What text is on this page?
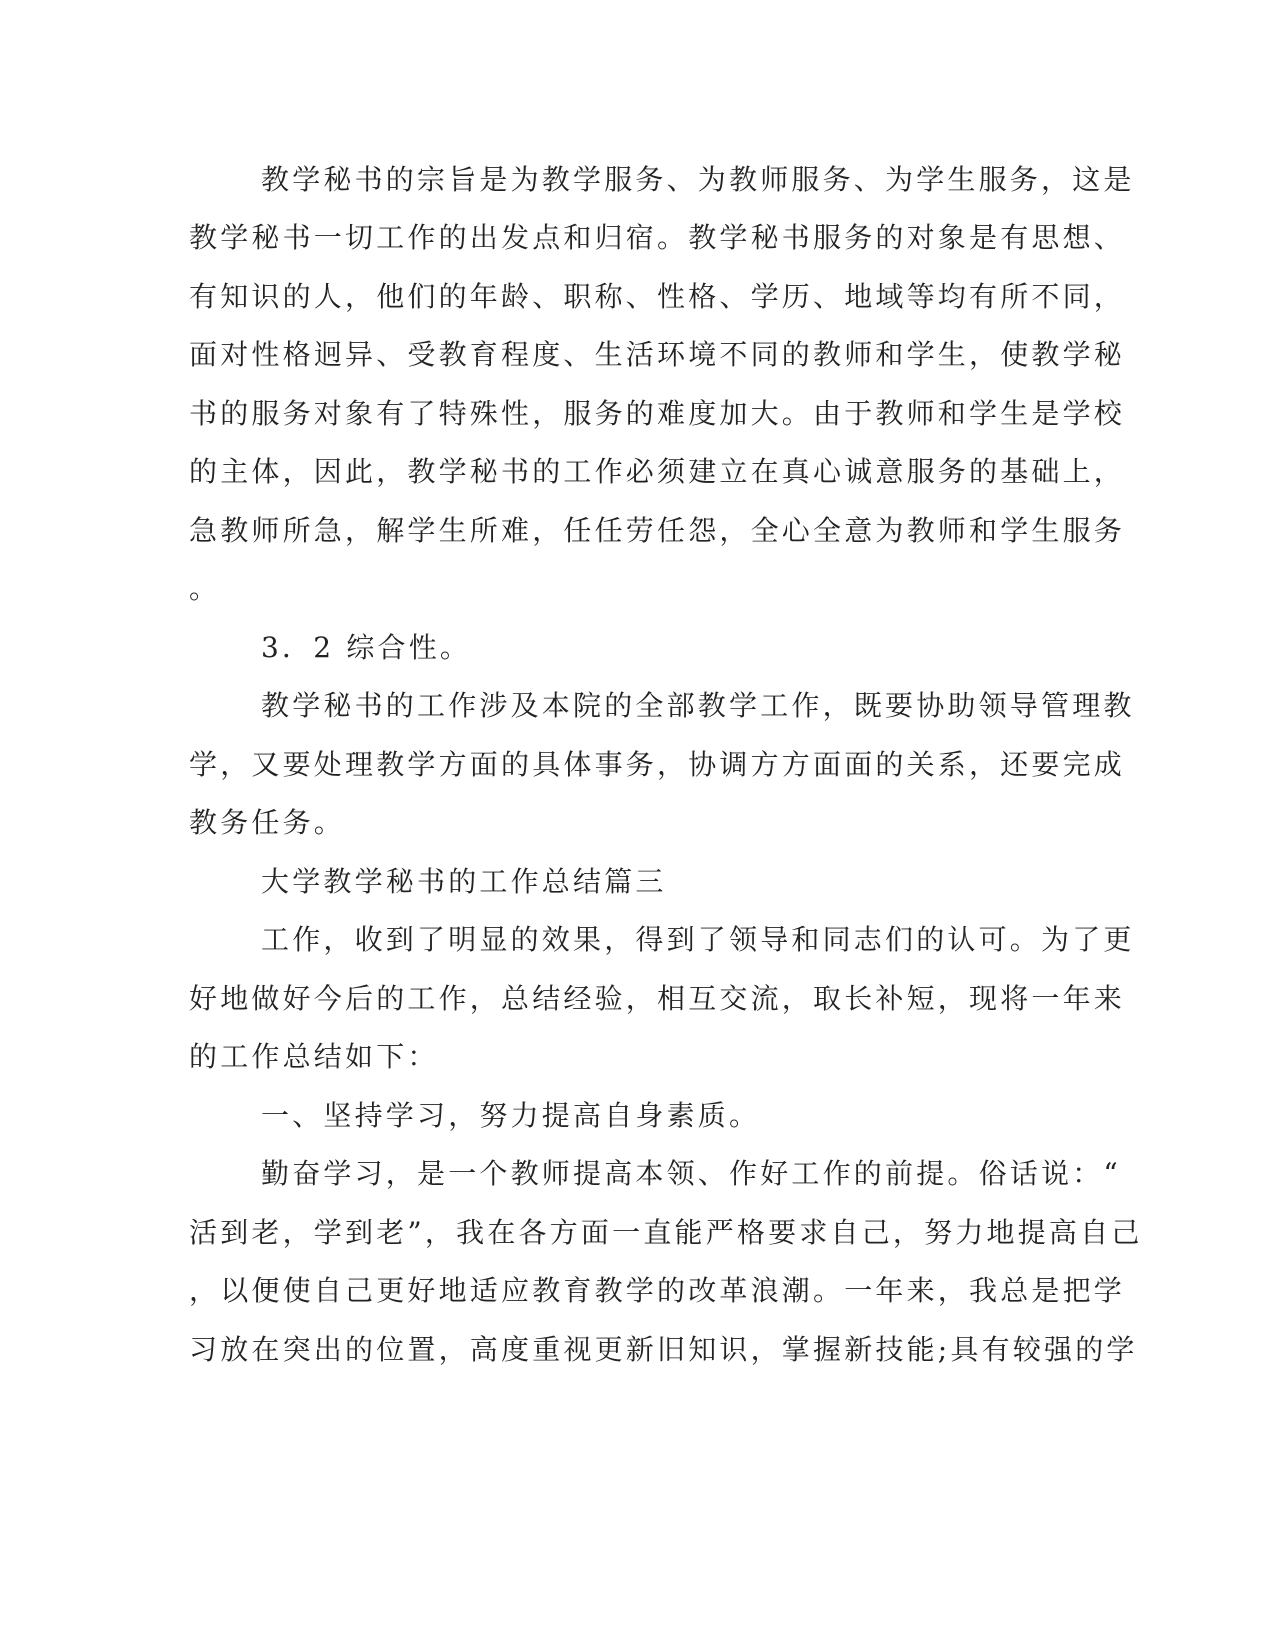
教学秘书的宗旨是为教学服务、为教师服务、为学生服务，这是
教学秘书一切工作的出发点和归宿。教学秘书服务的对象是有思想、
有知识的人，他们的年龄、职称、性格、学历、地域等均有所不同，
面对性格迥异、受教育程度、生活环境不同的教师和学生，使教学秘
书的服务对象有了特殊性，服务的难度加大。由于教师和学生是学校
的主体，因此，教学秘书的工作必须建立在真心诚意服务的基础上，
急教师所急，解学生所难，任任劳任怨，全心全意为教师和学生服务
。
3．2 综合性。
教学秘书的工作涉及本院的全部教学工作，既要协助领导管理教
学，又要处理教学方面的具体事务，协调方方面面的关系，还要完成
教务任务。
大学教学秘书的工作总结篇三
工作，收到了明显的效果，得到了领导和同志们的认可。为了更
好地做好今后的工作，总结经验，相互交流，取长补短，现将一年来
的工作总结如下：
一、坚持学习，努力提高自身素质。
勤奋学习，是一个教师提高本领、作好工作的前提。俗话说：“
活到老，学到老”，我在各方面一直能严格要求自己，努力地提高自己
，以便使自己更好地适应教育教学的改革浪潮。一年来，我总是把学
习放在突出的位置，高度重视更新旧知识，掌握新技能;具有较强的学
